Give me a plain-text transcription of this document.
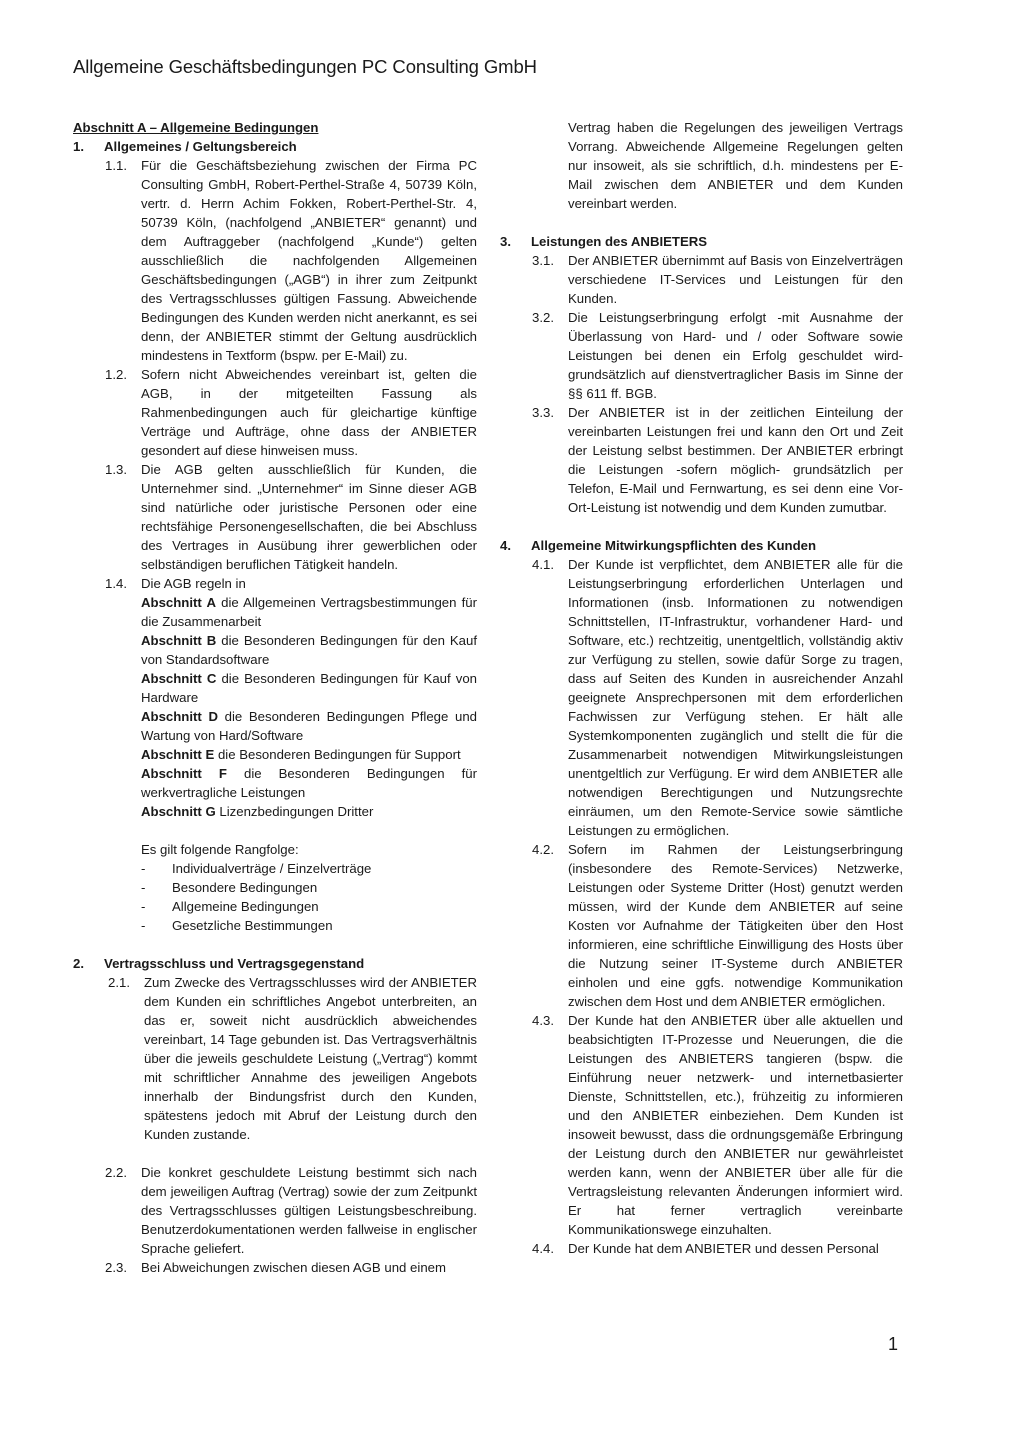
Allgemeine Geschäftsbedingungen PC Consulting GmbH

Abschnitt A – Allgemeine Bedingungen

1.	Allgemeines / Geltungsbereich
1.1.	Für die Geschäftsbeziehung zwischen der Firma PC Consulting GmbH, Robert-Perthel-Straße 4, 50739 Köln, vertr. d. Herrn Achim Fokken, Robert-Perthel-Str. 4, 50739 Köln, (nachfolgend „ANBIETER“ genannt) und dem Auftraggeber (nachfolgend „Kunde“) gelten ausschließlich die nachfolgenden Allgemeinen Geschäftsbedingungen („AGB“) in ihrer zum Zeitpunkt des Vertragsschlusses gültigen Fassung. Abweichende Bedingungen des Kunden werden nicht anerkannt, es sei denn, der ANBIETER stimmt der Geltung ausdrücklich mindestens in Textform (bspw. per E-Mail) zu.
1.2.	Sofern nicht Abweichendes vereinbart ist, gelten die AGB, in der mitgeteilten Fassung als Rahmenbedingungen auch für gleichartige künftige Verträge und Aufträge, ohne dass der ANBIETER gesondert auf diese hinweisen muss.
1.3.	Die AGB gelten ausschließlich für Kunden, die Unternehmer sind. „Unternehmer“ im Sinne dieser AGB sind natürliche oder juristische Personen oder eine rechtsfähige Personengesellschaften, die bei Abschluss des Vertrages in Ausübung ihrer gewerblichen oder selbständigen beruflichen Tätigkeit handeln.
1.4.	Die AGB regeln in

Abschnitt A die Allgemeinen Vertragsbestimmungen für die Zusammenarbeit

Abschnitt B die Besonderen Bedingungen für den Kauf von Standardsoftware

Abschnitt C die Besonderen Bedingungen für Kauf von Hardware

Abschnitt D die Besonderen Bedingungen Pflege und Wartung von Hard/Software

Abschnitt E die Besonderen Bedingungen für Support

Abschnitt F die Besonderen Bedingungen für werkvertragliche Leistungen

Abschnitt G Lizenzbedingungen Dritter

Es gilt folgende Rangfolge:
-	Individualverträge / Einzelverträge
-	Besondere Bedingungen
-	Allgemeine Bedingungen
-	Gesetzliche Bestimmungen
2.	Vertragsschluss und Vertragsgegenstand
2.1.	Zum Zwecke des Vertragsschlusses wird der ANBIETER dem Kunden ein schriftliches Angebot unterbreiten, an das er, soweit nicht ausdrücklich abweichendes vereinbart, 14 Tage gebunden ist. Das Vertragsverhältnis über die jeweils geschuldete Leistung („Vertrag“) kommt mit schriftlicher Annahme des jeweiligen Angebots innerhalb der Bindungsfrist durch den Kunden, spätestens jedoch mit Abruf der Leistung durch den Kunden zustande.
2.2.	Die konkret geschuldete Leistung bestimmt sich nach dem jeweiligen Auftrag (Vertrag) sowie der zum Zeitpunkt des Vertragsschlusses gültigen Leistungsbeschreibung. Benutzerdokumentationen werden fallweise in englischer Sprache geliefert.
2.3.	Bei Abweichungen zwischen diesen AGB und einem
Vertrag haben die Regelungen des jeweiligen Vertrags Vorrang. Abweichende Allgemeine Regelungen gelten nur insoweit, als sie schriftlich, d.h. mindestens per E-Mail zwischen dem ANBIETER und dem Kunden vereinbart werden.
3.	Leistungen des ANBIETERS
3.1.	Der ANBIETER übernimmt auf Basis von Einzelverträgen verschiedene IT-Services und Leistungen für den Kunden.
3.2.	Die Leistungserbringung erfolgt -mit Ausnahme der Überlassung von Hard- und / oder Software sowie Leistungen bei denen ein Erfolg geschuldet wird- grundsätzlich auf dienstvertraglicher Basis im Sinne der §§ 611 ff. BGB.
3.3.	Der ANBIETER ist in der zeitlichen Einteilung der vereinbarten Leistungen frei und kann den Ort und Zeit der Leistung selbst bestimmen. Der ANBIETER erbringt die Leistungen -sofern möglich- grundsätzlich per Telefon, E-Mail und Fernwartung, es sei denn eine Vor-Ort-Leistung ist notwendig und dem Kunden zumutbar.
4.	Allgemeine Mitwirkungspflichten des Kunden
4.1.	Der Kunde ist verpflichtet, dem ANBIETER alle für die Leistungserbringung erforderlichen Unterlagen und Informationen (insb. Informationen zu notwendigen Schnittstellen, IT-Infrastruktur, vorhandener Hard- und Software, etc.) rechtzeitig, unentgeltlich, vollständig aktiv zur Verfügung zu stellen, sowie dafür Sorge zu tragen, dass auf Seiten des Kunden in ausreichender Anzahl geeignete Ansprechpersonen mit dem erforderlichen Fachwissen zur Verfügung stehen. Er hält alle Systemkomponenten zugänglich und stellt die für die Zusammenarbeit notwendigen Mitwirkungsleistungen unentgeltlich zur Verfügung. Er wird dem ANBIETER alle notwendigen Berechtigungen und Nutzungsrechte einräumen, um den Remote-Service sowie sämtliche Leistungen zu ermöglichen.
4.2.	Sofern im Rahmen der Leistungserbringung (insbesondere des Remote-Services) Netzwerke, Leistungen oder Systeme Dritter (Host) genutzt werden müssen, wird der Kunde dem ANBIETER auf seine Kosten vor Aufnahme der Tätigkeiten über den Host informieren, eine schriftliche Einwilligung des Hosts über die Nutzung seiner IT-Systeme durch ANBIETER einholen und eine ggfs. notwendige Kommunikation zwischen dem Host und dem ANBIETER ermöglichen.
4.3.	Der Kunde hat den ANBIETER über alle aktuellen und beabsichtigten IT-Prozesse und Neuerungen, die die Leistungen des ANBIETERS tangieren (bspw. die Einführung neuer netzwerk- und internetbasierter Dienste, Schnittstellen, etc.), frühzeitig zu informieren und den ANBIETER einbeziehen. Dem Kunden ist insoweit bewusst, dass die ordnungsgemäße Erbringung der Leistung durch den ANBIETER nur gewährleistet werden kann, wenn der ANBIETER über alle für die Vertragsleistung relevanten Änderungen informiert wird. Er hat ferner vertraglich vereinbarte Kommunikationswege einzuhalten.
4.4.	Der Kunde hat dem ANBIETER und dessen Personal
1
